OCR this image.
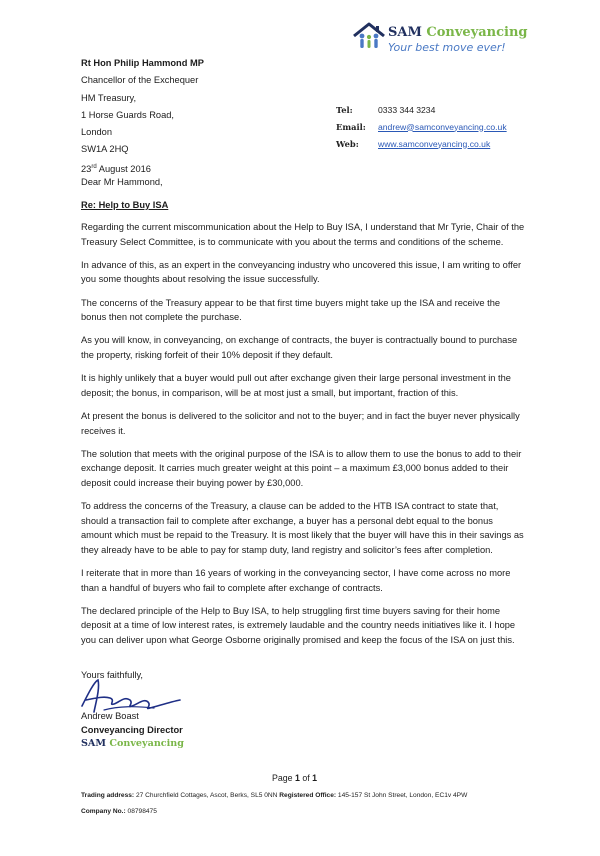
SAM Conveyancing
Your best move ever!
Rt Hon Philip Hammond MP
Chancellor of the Exchequer
HM Treasury,
1 Horse Guards Road,
London
SW1A 2HQ
23rd August 2016
Tel:	0333 344 3234
Email:	andrew@samconveyancing.co.uk
Web:	www.samconveyancing.co.uk
Dear Mr Hammond,
Re: Help to Buy ISA

Regarding the current miscommunication about the Help to Buy ISA, I understand that Mr Tyrie, Chair of the Treasury Select Committee, is to communicate with you about the terms and conditions of the scheme.

In advance of this, as an expert in the conveyancing industry who uncovered this issue, I am writing to offer you some thoughts about resolving the issue successfully.

The concerns of the Treasury appear to be that first time buyers might take up the ISA and receive the bonus then not complete the purchase.

As you will know, in conveyancing, on exchange of contracts, the buyer is contractually bound to purchase the property, risking forfeit of their 10% deposit if they default.

It is highly unlikely that a buyer would pull out after exchange given their large personal investment in the deposit; the bonus, in comparison, will be at most just a small, but important, fraction of this.

At present the bonus is delivered to the solicitor and not to the buyer; and in fact the buyer never physically receives it.

The solution that meets with the original purpose of the ISA is to allow them to use the bonus to add to their exchange deposit. It carries much greater weight at this point – a maximum £3,000 bonus added to their deposit could increase their buying power by £30,000.

To address the concerns of the Treasury, a clause can be added to the HTB ISA contract to state that, should a transaction fail to complete after exchange, a buyer has a personal debt equal to the bonus amount which must be repaid to the Treasury. It is most likely that the buyer will have this in their savings as they already have to be able to pay for stamp duty, land registry and solicitor’s fees after completion.

I reiterate that in more than 16 years of working in the conveyancing sector, I have come across no more than a handful of buyers who fail to complete after exchange of contracts.

The declared principle of the Help to Buy ISA, to help struggling first time buyers saving for their home deposit at a time of low interest rates, is extremely laudable and the country needs initiatives like it. I hope you can deliver upon what George Osborne originally promised and keep the focus of the ISA on just this.

Yours faithfully,
Andrew Boast
Conveyancing Director
SAM Conveyancing
Page 1 of 1
Trading address: 27 Churchfield Cottages, Ascot, Berks, SL5 0NN Registered Office: 145-157 St John Street, London, EC1v 4PW
Company No.: 08798475
